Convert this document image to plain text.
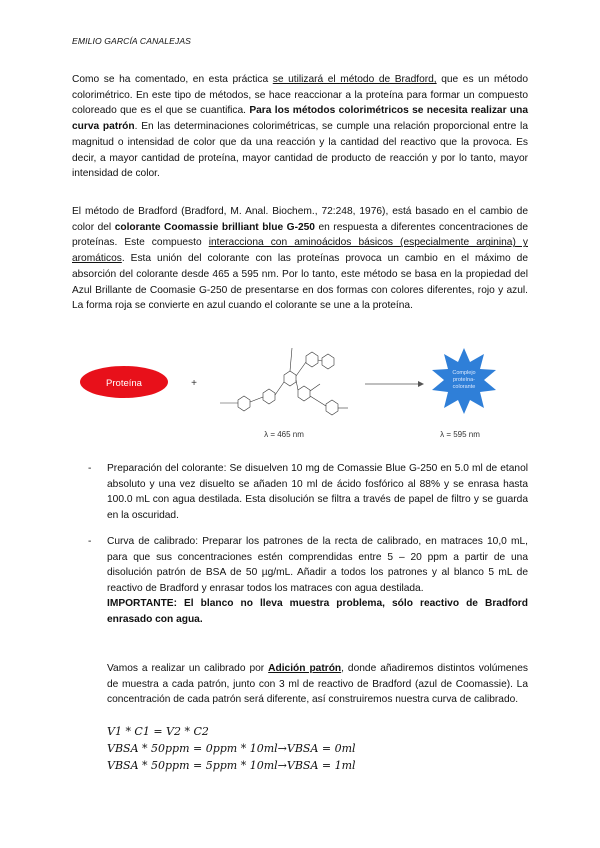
EMILIO GARCÍA CANALEJAS

Como se ha comentado, en esta práctica se utilizará el método de Bradford, que es un método colorimétrico. En este tipo de métodos, se hace reaccionar a la proteína para formar un compuesto coloreado que es el que se cuantifica. Para los métodos colorimétricos se necesita realizar una curva patrón. En las determinaciones colorimétricas, se cumple una relación proporcional entre la magnitud o intensidad de color que da una reacción y la cantidad del reactivo que la provoca. Es decir, a mayor cantidad de proteína, mayor cantidad de producto de reacción y por lo tanto, mayor intensidad de color.

El método de Bradford (Bradford, M. Anal. Biochem., 72:248, 1976), está basado en el cambio de color del colorante Coomassie brilliant blue G-250 en respuesta a diferentes concentraciones de proteínas. Este compuesto interacciona con aminoácidos básicos (especialmente arginina) y aromáticos. Esta unión del colorante con las proteínas provoca un cambio en el máximo de absorción del colorante desde 465 a 595 nm. Por lo tanto, este método se basa en la propiedad del Azul Brillante de Coomasie G-250 de presentarse en dos formas con colores diferentes, rojo y azul. La forma roja se convierte en azul cuando el colorante se une a la proteína.

Proteína	+
Complejo
proteína-
colorante
λ = 465 nm	λ = 595 nm
- Preparación del colorante: Se disuelven 10 mg de Comassie Blue G-250 en 5.0 ml de etanol absoluto y una vez disuelto se añaden 10 ml de ácido fosfórico al 88% y se enrasa hasta 100.0 mL con agua destilada. Esta disolución se filtra a través de papel de filtro y se guarda en la oscuridad.
- Curva de calibrado: Preparar los patrones de la recta de calibrado, en matraces 10,0 mL, para que sus concentraciones estén comprendidas entre 5 – 20 ppm a partir de una disolución patrón de BSA de 50 µg/mL. Añadir a todos los patrones y al blanco 5 mL de reactivo de Bradford y enrasar todos los matraces con agua destilada.
IMPORTANTE: El blanco no lleva muestra problema, sólo reactivo de Bradford enrasado con agua.

Vamos a realizar un calibrado por Adición patrón, donde añadiremos distintos volúmenes de muestra a cada patrón, junto con 3 ml de reactivo de Bradford (azul de Coomassie). La concentración de cada patrón será diferente, así construiremos nuestra curva de calibrado.

V1 * C1 = V2 * C2
VBSA * 50ppm = 0ppm * 10ml→VBSA = 0ml
VBSA * 50ppm = 5ppm * 10ml→VBSA = 1ml
